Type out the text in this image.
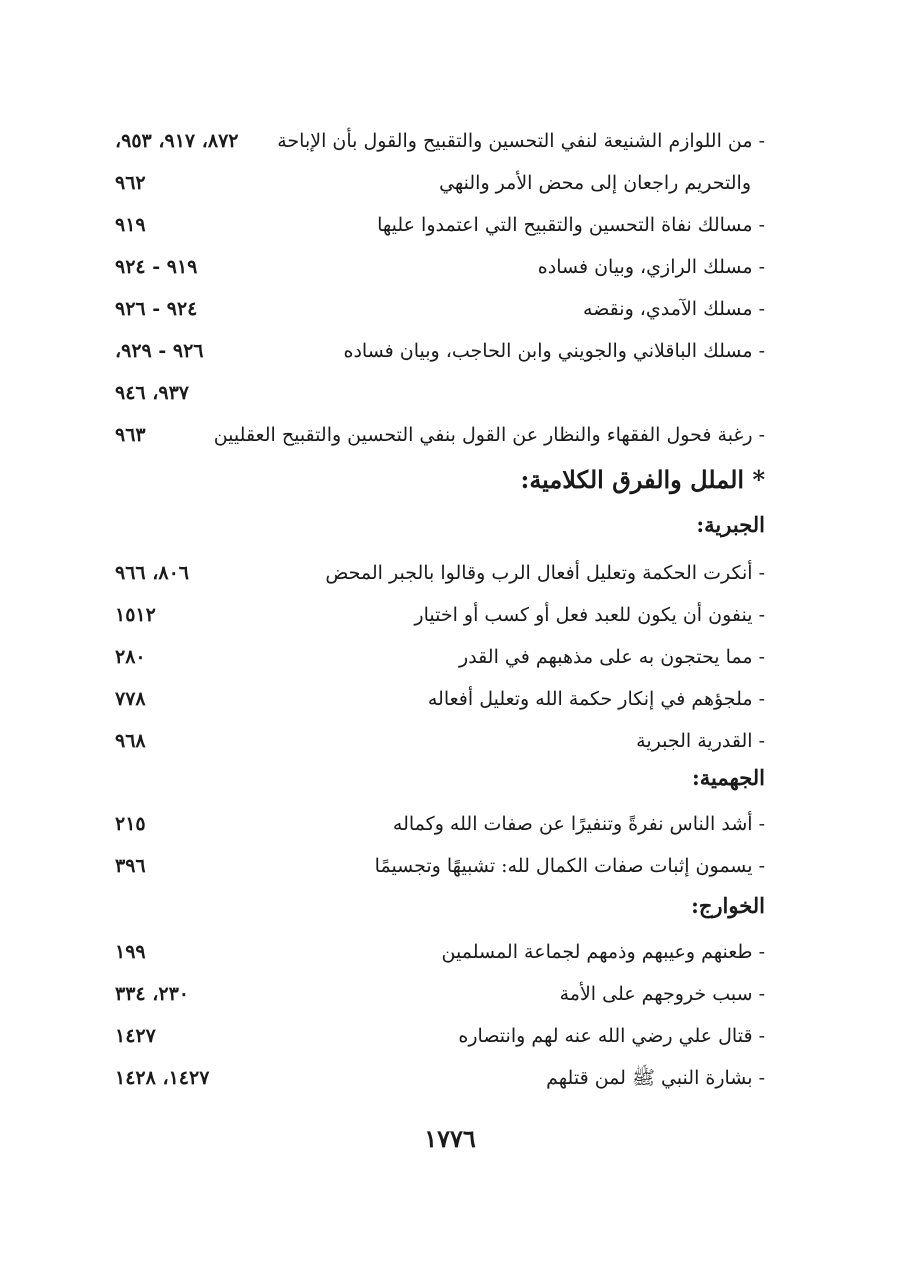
- من اللوازم الشنيعة لنفي التحسين والتقبيح والقول بأن الإباحة
٨٧٢، ٩١٧، ٩٥٣،
والتحريم راجعان إلى محض الأمر والنهي
٩٦٢
- مسالك نفاة التحسين والتقبيح التي اعتمدوا عليها
٩١٩
- مسلك الرازي، وبيان فساده
٩١٩ - ٩٢٤
- مسلك الآمدي، ونقضه
٩٢٤ - ٩٢٦
- مسلك الباقلاني والجويني وابن الحاجب، وبيان فساده
٩٢٦ - ٩٢٩،
٩٣٧، ٩٤٦
- رغبة فحول الفقهاء والنظار عن القول بنفي التحسين والتقبيح العقليين
٩٦٣
* الملل والفرق الكلامية:
الجبرية:
- أنكرت الحكمة وتعليل أفعال الرب وقالوا بالجبر المحض
٨٠٦، ٩٦٦
- ينفون أن يكون للعبد فعل أو كسب أو اختيار
١٥١٢
- مما يحتجون به على مذهبهم في القدر
٢٨٠
- ملجؤهم في إنكار حكمة الله وتعليل أفعاله
٧٧٨
- القدرية الجبرية
٩٦٨
الجهمية:
- أشد الناس نفرةً وتنفيرًا عن صفات الله وكماله
٢١٥
- يسمون إثبات صفات الكمال لله: تشبيهًا وتجسيمًا
٣٩٦
الخوارج:
- طعنهم وعيبهم وذمهم لجماعة المسلمين
١٩٩
- سبب خروجهم على الأمة
٢٣٠، ٣٣٤
- قتال علي رضي الله عنه لهم وانتصاره
١٤٢٧
- بشارة النبي ﷺ لمن قتلهم
١٤٢٧، ١٤٢٨
١٧٧٦
